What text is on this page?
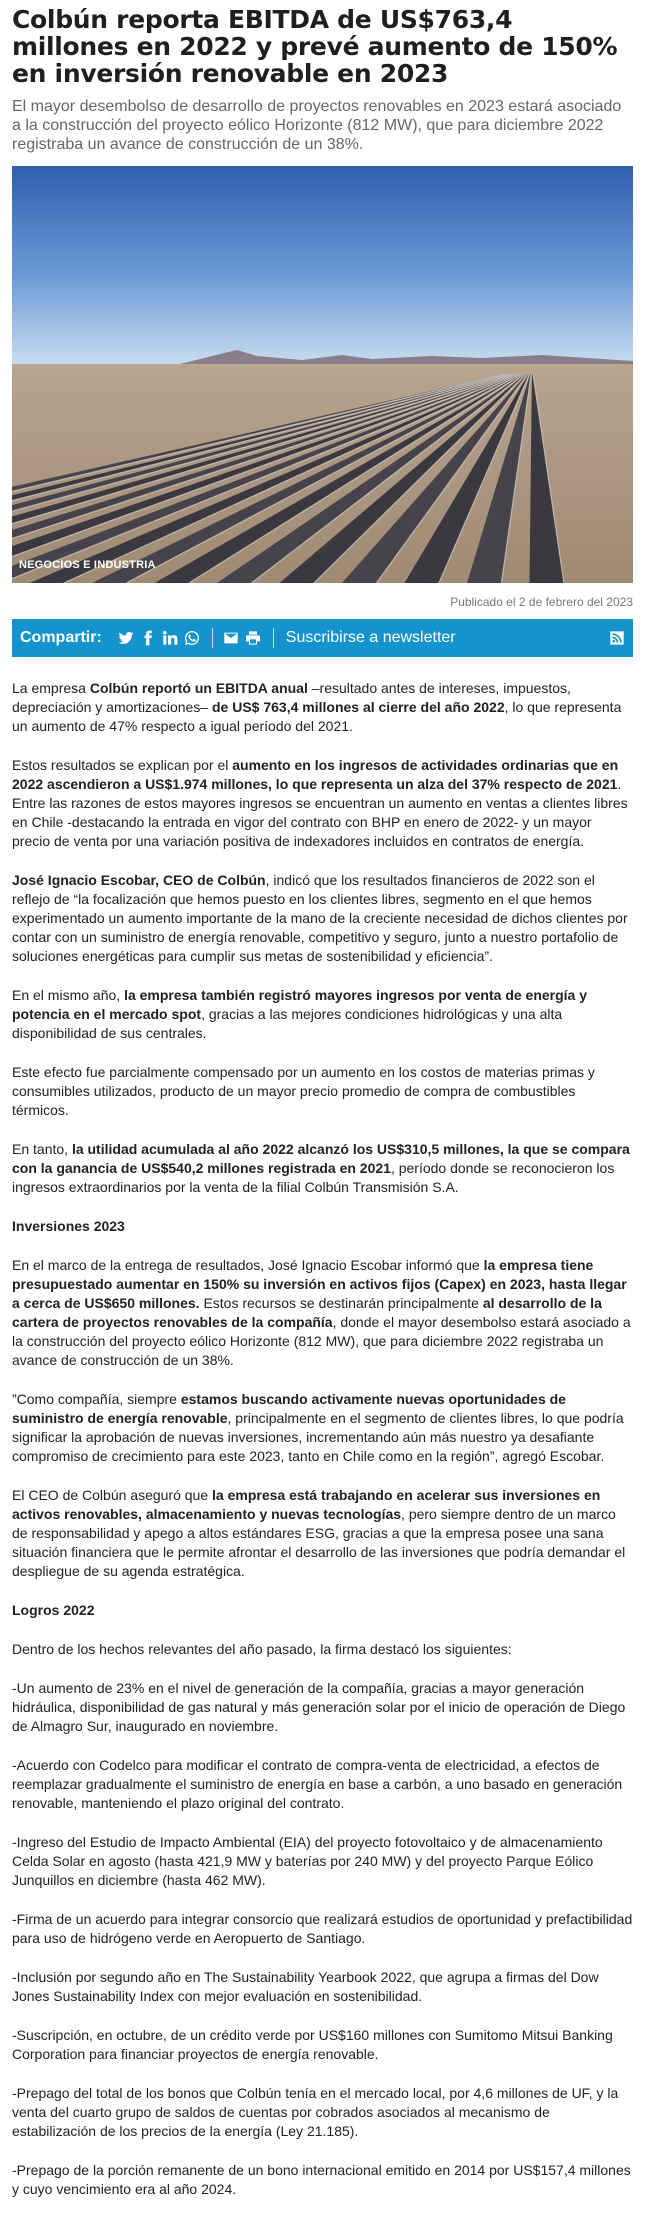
Colbún reporta EBITDA de US$763,4 millones en 2022 y prevé aumento de 150% en inversión renovable en 2023

El mayor desembolso de desarrollo de proyectos renovables en 2023 estará asociado a la construcción del proyecto eólico Horizonte (812 MW), que para diciembre 2022 registraba un avance de construcción de un 38%.

NEGOCIOS E INDUSTRIA
Publicado el 2 de febrero del 2023
Compartir:	Suscribirse a newsletter

La empresa Colbún reportó un EBITDA anual –resultado antes de intereses, impuestos, depreciación y amortizaciones– de US$ 763,4 millones al cierre del año 2022, lo que representa un aumento de 47% respecto a igual período del 2021.

Estos resultados se explican por el aumento en los ingresos de actividades ordinarias que en 2022 ascendieron a US$1.974 millones, lo que representa un alza del 37% respecto de 2021. Entre las razones de estos mayores ingresos se encuentran un aumento en ventas a clientes libres en Chile -destacando la entrada en vigor del contrato con BHP en enero de 2022- y un mayor precio de venta por una variación positiva de indexadores incluidos en contratos de energía.

José Ignacio Escobar, CEO de Colbún, indicó que los resultados financieros de 2022 son el reflejo de “la focalización que hemos puesto en los clientes libres, segmento en el que hemos experimentado un aumento importante de la mano de la creciente necesidad de dichos clientes por contar con un suministro de energía renovable, competitivo y seguro, junto a nuestro portafolio de soluciones energéticas para cumplir sus metas de sostenibilidad y eficiencia”.

En el mismo año, la empresa también registró mayores ingresos por venta de energía y potencia en el mercado spot, gracias a las mejores condiciones hidrológicas y una alta disponibilidad de sus centrales.

Este efecto fue parcialmente compensado por un aumento en los costos de materias primas y consumibles utilizados, producto de un mayor precio promedio de compra de combustibles térmicos.

En tanto, la utilidad acumulada al año 2022 alcanzó los US$310,5 millones, la que se compara con la ganancia de US$540,2 millones registrada en 2021, período donde se reconocieron los ingresos extraordinarios por la venta de la filial Colbún Transmisión S.A.

Inversiones 2023

En el marco de la entrega de resultados, José Ignacio Escobar informó que la empresa tiene presupuestado aumentar en 150% su inversión en activos fijos (Capex) en 2023, hasta llegar a cerca de US$650 millones. Estos recursos se destinarán principalmente al desarrollo de la cartera de proyectos renovables de la compañía, donde el mayor desembolso estará asociado a la construcción del proyecto eólico Horizonte (812 MW), que para diciembre 2022 registraba un avance de construcción de un 38%.

”Como compañía, siempre estamos buscando activamente nuevas oportunidades de suministro de energía renovable, principalmente en el segmento de clientes libres, lo que podría significar la aprobación de nuevas inversiones, incrementando aún más nuestro ya desafiante compromiso de crecimiento para este 2023, tanto en Chile como en la región”, agregó Escobar.

El CEO de Colbún aseguró que la empresa está trabajando en acelerar sus inversiones en activos renovables, almacenamiento y nuevas tecnologías, pero siempre dentro de un marco de responsabilidad y apego a altos estándares ESG, gracias a que la empresa posee una sana situación financiera que le permite afrontar el desarrollo de las inversiones que podría demandar el despliegue de su agenda estratégica.

Logros 2022

Dentro de los hechos relevantes del año pasado, la firma destacó los siguientes:

-Un aumento de 23% en el nivel de generación de la compañía, gracias a mayor generación hidráulica, disponibilidad de gas natural y más generación solar por el inicio de operación de Diego de Almagro Sur, inaugurado en noviembre.

-Acuerdo con Codelco para modificar el contrato de compra-venta de electricidad, a efectos de reemplazar gradualmente el suministro de energía en base a carbón, a uno basado en generación renovable, manteniendo el plazo original del contrato.

-Ingreso del Estudio de Impacto Ambiental (EIA) del proyecto fotovoltaico y de almacenamiento Celda Solar en agosto (hasta 421,9 MW y baterías por 240 MW) y del proyecto Parque Eólico Junquillos en diciembre (hasta 462 MW).

-Firma de un acuerdo para integrar consorcio que realizará estudios de oportunidad y prefactibilidad para uso de hidrógeno verde en Aeropuerto de Santiago.

-Inclusión por segundo año en The Sustainability Yearbook 2022, que agrupa a firmas del Dow Jones Sustainability Index con mejor evaluación en sostenibilidad.

-Suscripción, en octubre, de un crédito verde por US$160 millones con Sumitomo Mitsui Banking Corporation para financiar proyectos de energía renovable.

-Prepago del total de los bonos que Colbún tenía en el mercado local, por 4,6 millones de UF, y la venta del cuarto grupo de saldos de cuentas por cobrados asociados al mecanismo de estabilización de los precios de la energía (Ley 21.185).

-Prepago de la porción remanente de un bono internacional emitido en 2014 por US$157,4 millones y cuyo vencimiento era al año 2024.
